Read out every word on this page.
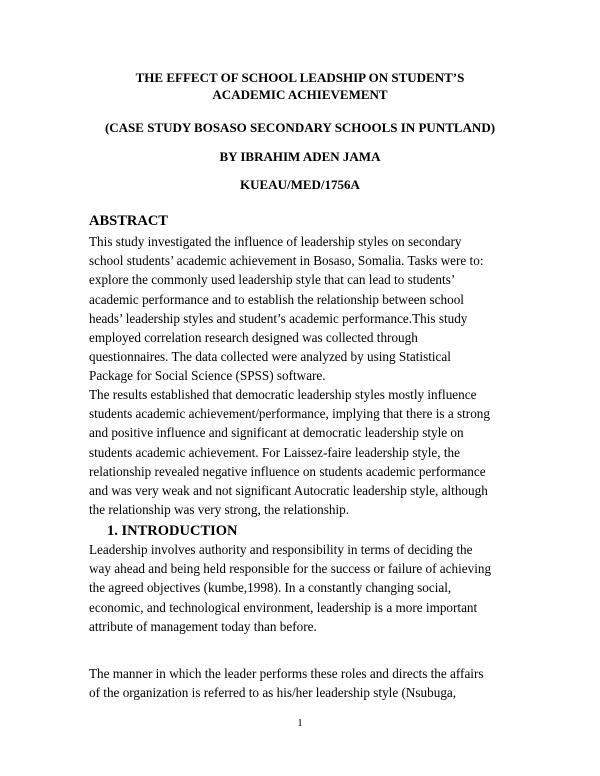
THE EFFECT OF SCHOOL LEADSHIP ON STUDENT’S
ACADEMIC ACHIEVEMENT
(CASE STUDY BOSASO SECONDARY SCHOOLS IN PUNTLAND)
BY IBRAHIM ADEN JAMA
KUEAU/MED/1756A
ABSTRACT
This study investigated the influence of leadership styles on secondary
school students’ academic achievement in Bosaso, Somalia. Tasks were to:
explore the commonly used leadership style that can lead to students’
academic performance and to establish the relationship between school
heads’ leadership styles and student’s academic performance.This study
employed correlation research designed was collected through
questionnaires. The data collected were analyzed by using Statistical
Package for Social Science (SPSS) software.
The results established that democratic leadership styles mostly influence
students academic achievement/performance, implying that there is a strong
and positive influence and significant at democratic leadership style on
students academic achievement. For Laissez-faire leadership style, the
relationship revealed negative influence on students academic performance
and was very weak and not significant Autocratic leadership style, although
the relationship was very strong, the relationship.
1. INTRODUCTION
Leadership involves authority and responsibility in terms of deciding the
way ahead and being held responsible for the success or failure of achieving
the agreed objectives (kumbe,1998). In a constantly changing social,
economic, and technological environment, leadership is a more important
attribute of management today than before.
The manner in which the leader performs these roles and directs the affairs
of the organization is referred to as his/her leadership style (Nsubuga,
1
